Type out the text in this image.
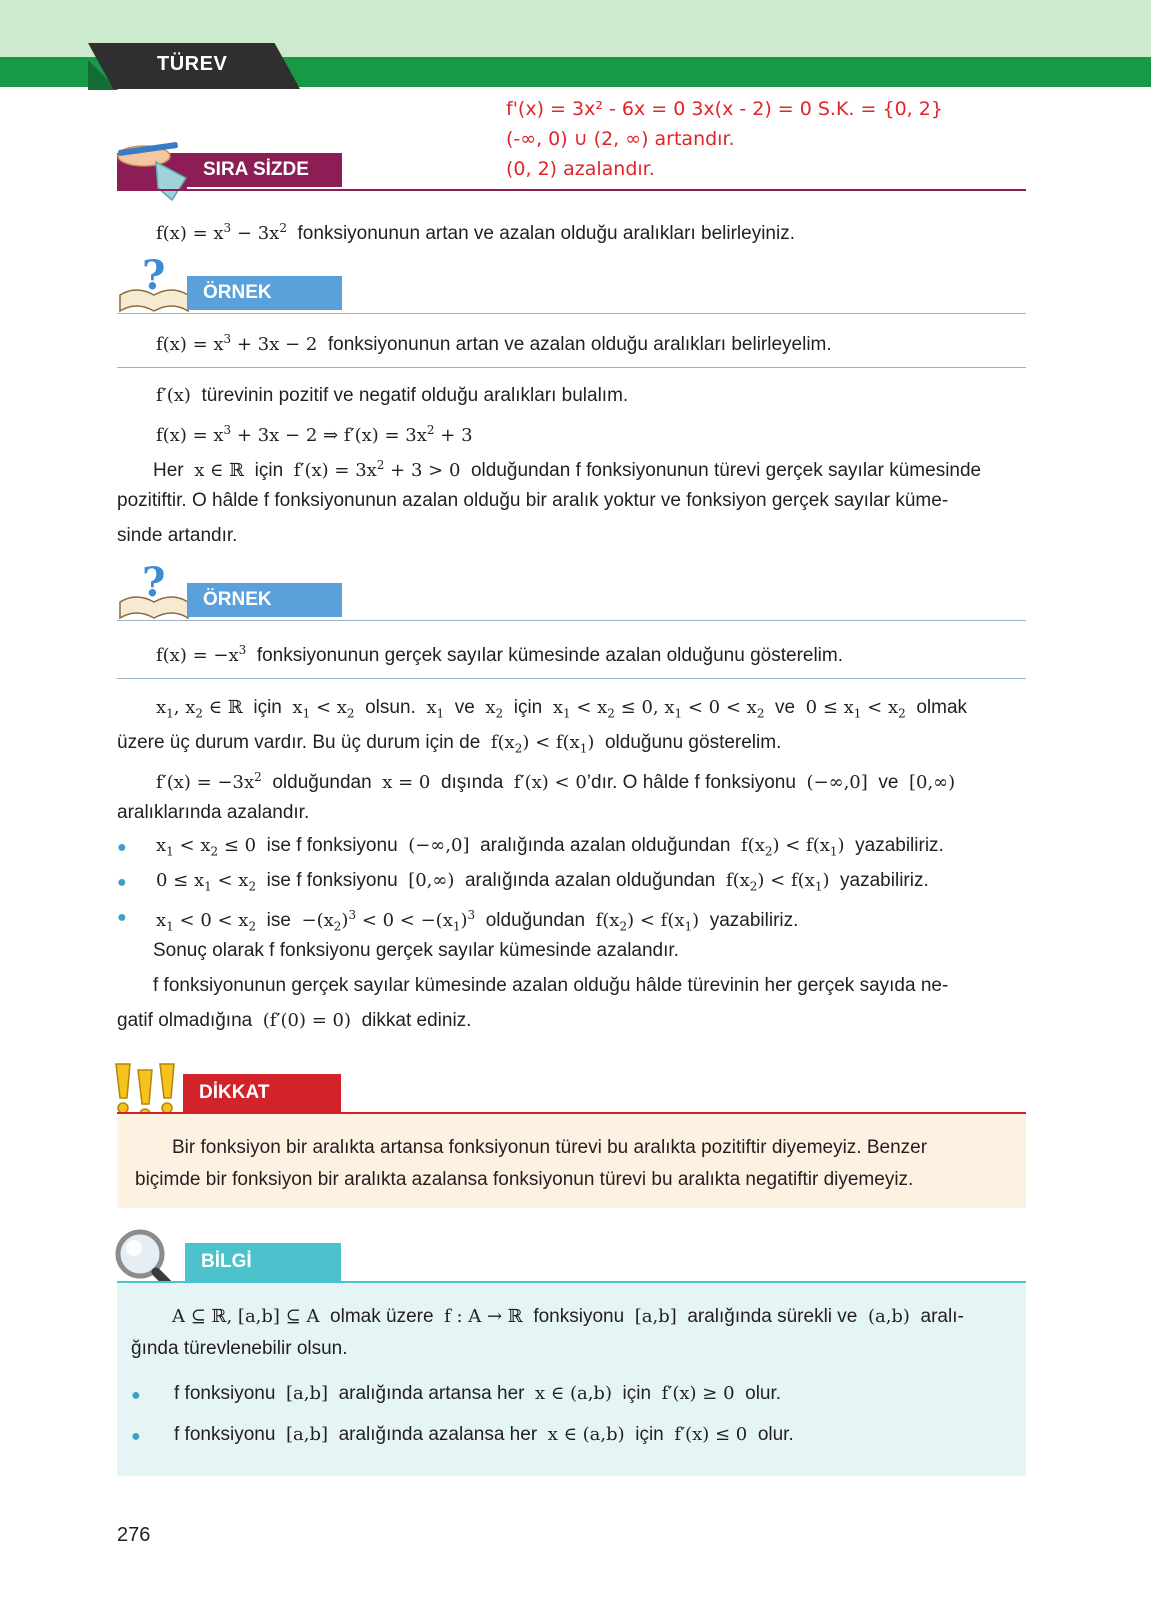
TÜREV
f'(x) = 3x² - 6x = 0 3x(x - 2) = 0 S.K. = {0, 2}
(-∞, 0) ∪ (2, ∞) artandır.
(0, 2) azalandır.
SIRA SİZDE
$f(x) = x^3 - 3x^2$ fonksiyonunun artan ve azalan olduğu aralıkları belirleyiniz.
?	ÖRNEK
$f(x) = x^3 + 3x - 2$ fonksiyonunun artan ve azalan olduğu aralıkları belirleyelim.
f′(x) türevinin pozitif ve negatif olduğu aralıkları bulalım.
$f(x) = x^3 + 3x - 2$ ⇒ $f'(x) = 3x^2 + 3$
Her x ∈ ℝ için $f'(x) = 3x^2 + 3 > 0$ olduğundan f fonksiyonunun türevi gerçek sayılar kümesinde
pozitiftir. O hâlde f fonksiyonunun azalan olduğu bir aralık yoktur ve fonksiyon gerçek sayılar küme-
sinde artandır.
?	ÖRNEK
$f(x) = -x^3$ fonksiyonunun gerçek sayılar kümesinde azalan olduğunu gösterelim.
$x_1$, $x_2$ ∈ ℝ için $x_1 < x_2$ olsun. $x_1$ ve $x_2$ için $x_1 < x_2 \le 0$, $x_1 < 0 < x_2$ ve $0 \le x_1 < x_2$ olmak
üzere üç durum vardır. Bu üç durum için de $f(x_2) < f(x_1)$ olduğunu gösterelim.
$f'(x) = -3x^2$ olduğundan x = 0 dışında f′(x) < 0’dır. O hâlde f fonksiyonu (−∞,0] ve [0,∞)
aralıklarında azalandır.
● $x_1 < x_2 \le 0$ ise f fonksiyonu (−∞,0] aralığında azalan olduğundan $f(x_2) < f(x_1)$ yazabiliriz.
● $0 \le x_1 < x_2$ ise f fonksiyonu [0,∞) aralığında azalan olduğundan $f(x_2) < f(x_1)$ yazabiliriz.
● $x_1 < 0 < x_2$ ise $-(x_2)^3 < 0 < -(x_1)^3$ olduğundan $f(x_2) < f(x_1)$ yazabiliriz.
Sonuç olarak f fonksiyonu gerçek sayılar kümesinde azalandır.
f fonksiyonunun gerçek sayılar kümesinde azalan olduğu hâlde türevinin her gerçek sayıda ne-
gatif olmadığına (f′(0) = 0) dikkat ediniz.
DİKKAT
Bir fonksiyon bir aralıkta artansa fonksiyonun türevi bu aralıkta pozitiftir diyemeyiz. Benzer
biçimde bir fonksiyon bir aralıkta azalansa fonksiyonun türevi bu aralıkta negatiftir diyemeyiz.
BİLGİ
A ⊆ ℝ, [a,b] ⊆ A olmak üzere f : A → ℝ fonksiyonu [a,b] aralığında sürekli ve (a,b) aralı-
ğında türevlenebilir olsun.
● f fonksiyonu [a,b] aralığında artansa her x ∈ (a,b) için f′(x) ≥ 0 olur.
● f fonksiyonu [a,b] aralığında azalansa her x ∈ (a,b) için f′(x) ≤ 0 olur.
276
